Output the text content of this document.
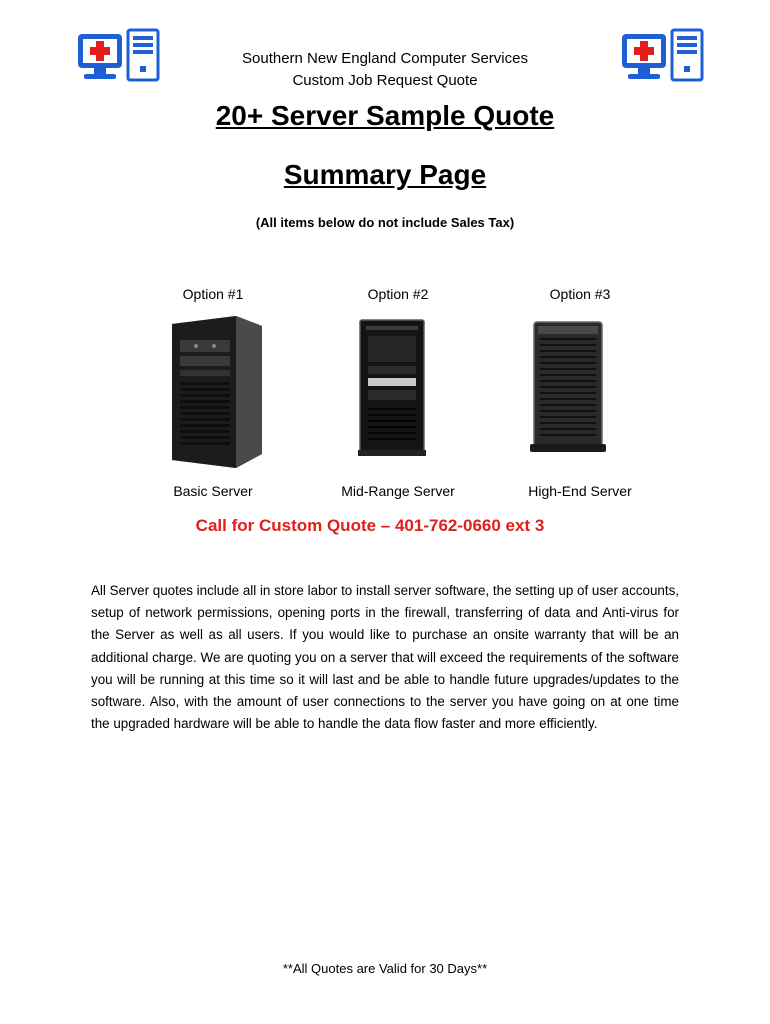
Southern New England Computer Services
Custom Job Request Quote
20+ Server Sample Quote
Summary Page
(All items below do not include Sales Tax)
Option #1	Option #2	Option #3
Basic Server	Mid-Range Server	High-End Server
Call for Custom Quote – 401-762-0660 ext 3
All Server quotes include all in store labor to install server software, the setting up of user accounts, setup of network permissions, opening ports in the firewall, transferring of data and Anti-virus for the Server as well as all users. If you would like to purchase an onsite warranty that will be an additional charge. We are quoting you on a server that will exceed the requirements of the software you will be running at this time so it will last and be able to handle future upgrades/updates to the software. Also, with the amount of user connections to the server you have going on at one time the upgraded hardware will be able to handle the data flow faster and more efficiently.
**All Quotes are Valid for 30 Days**
